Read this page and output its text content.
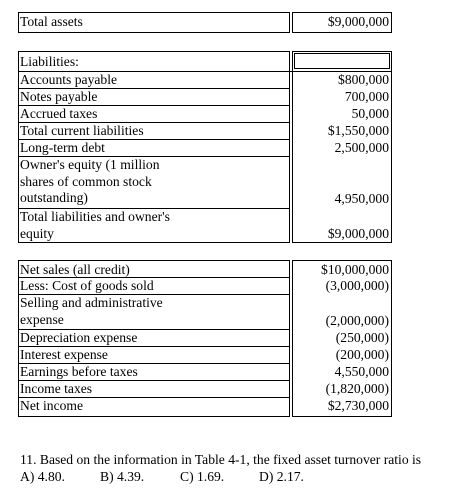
Total assets	$9,000,000
Liabilities:
Accounts payable	$800,000
Notes payable	700,000
Accrued taxes	50,000
Total current liabilities	$1,550,000
Long-term debt	2,500,000
Owner's equity (1 million
shares of common stock
outstanding)	4,950,000
Total liabilities and owner's
equity	$9,000,000
Net sales (all credit)	$10,000,000
Less: Cost of goods sold	(3,000,000)
Selling and administrative
expense	(2,000,000)
Depreciation expense	(250,000)
Interest expense	(200,000)
Earnings before taxes	4,550,000
Income taxes	(1,820,000)
Net income	$2,730,000
11. Based on the information in Table 4-1, the fixed asset turnover ratio is
A) 4.80.	B) 4.39.	C) 1.69.	D) 2.17.
